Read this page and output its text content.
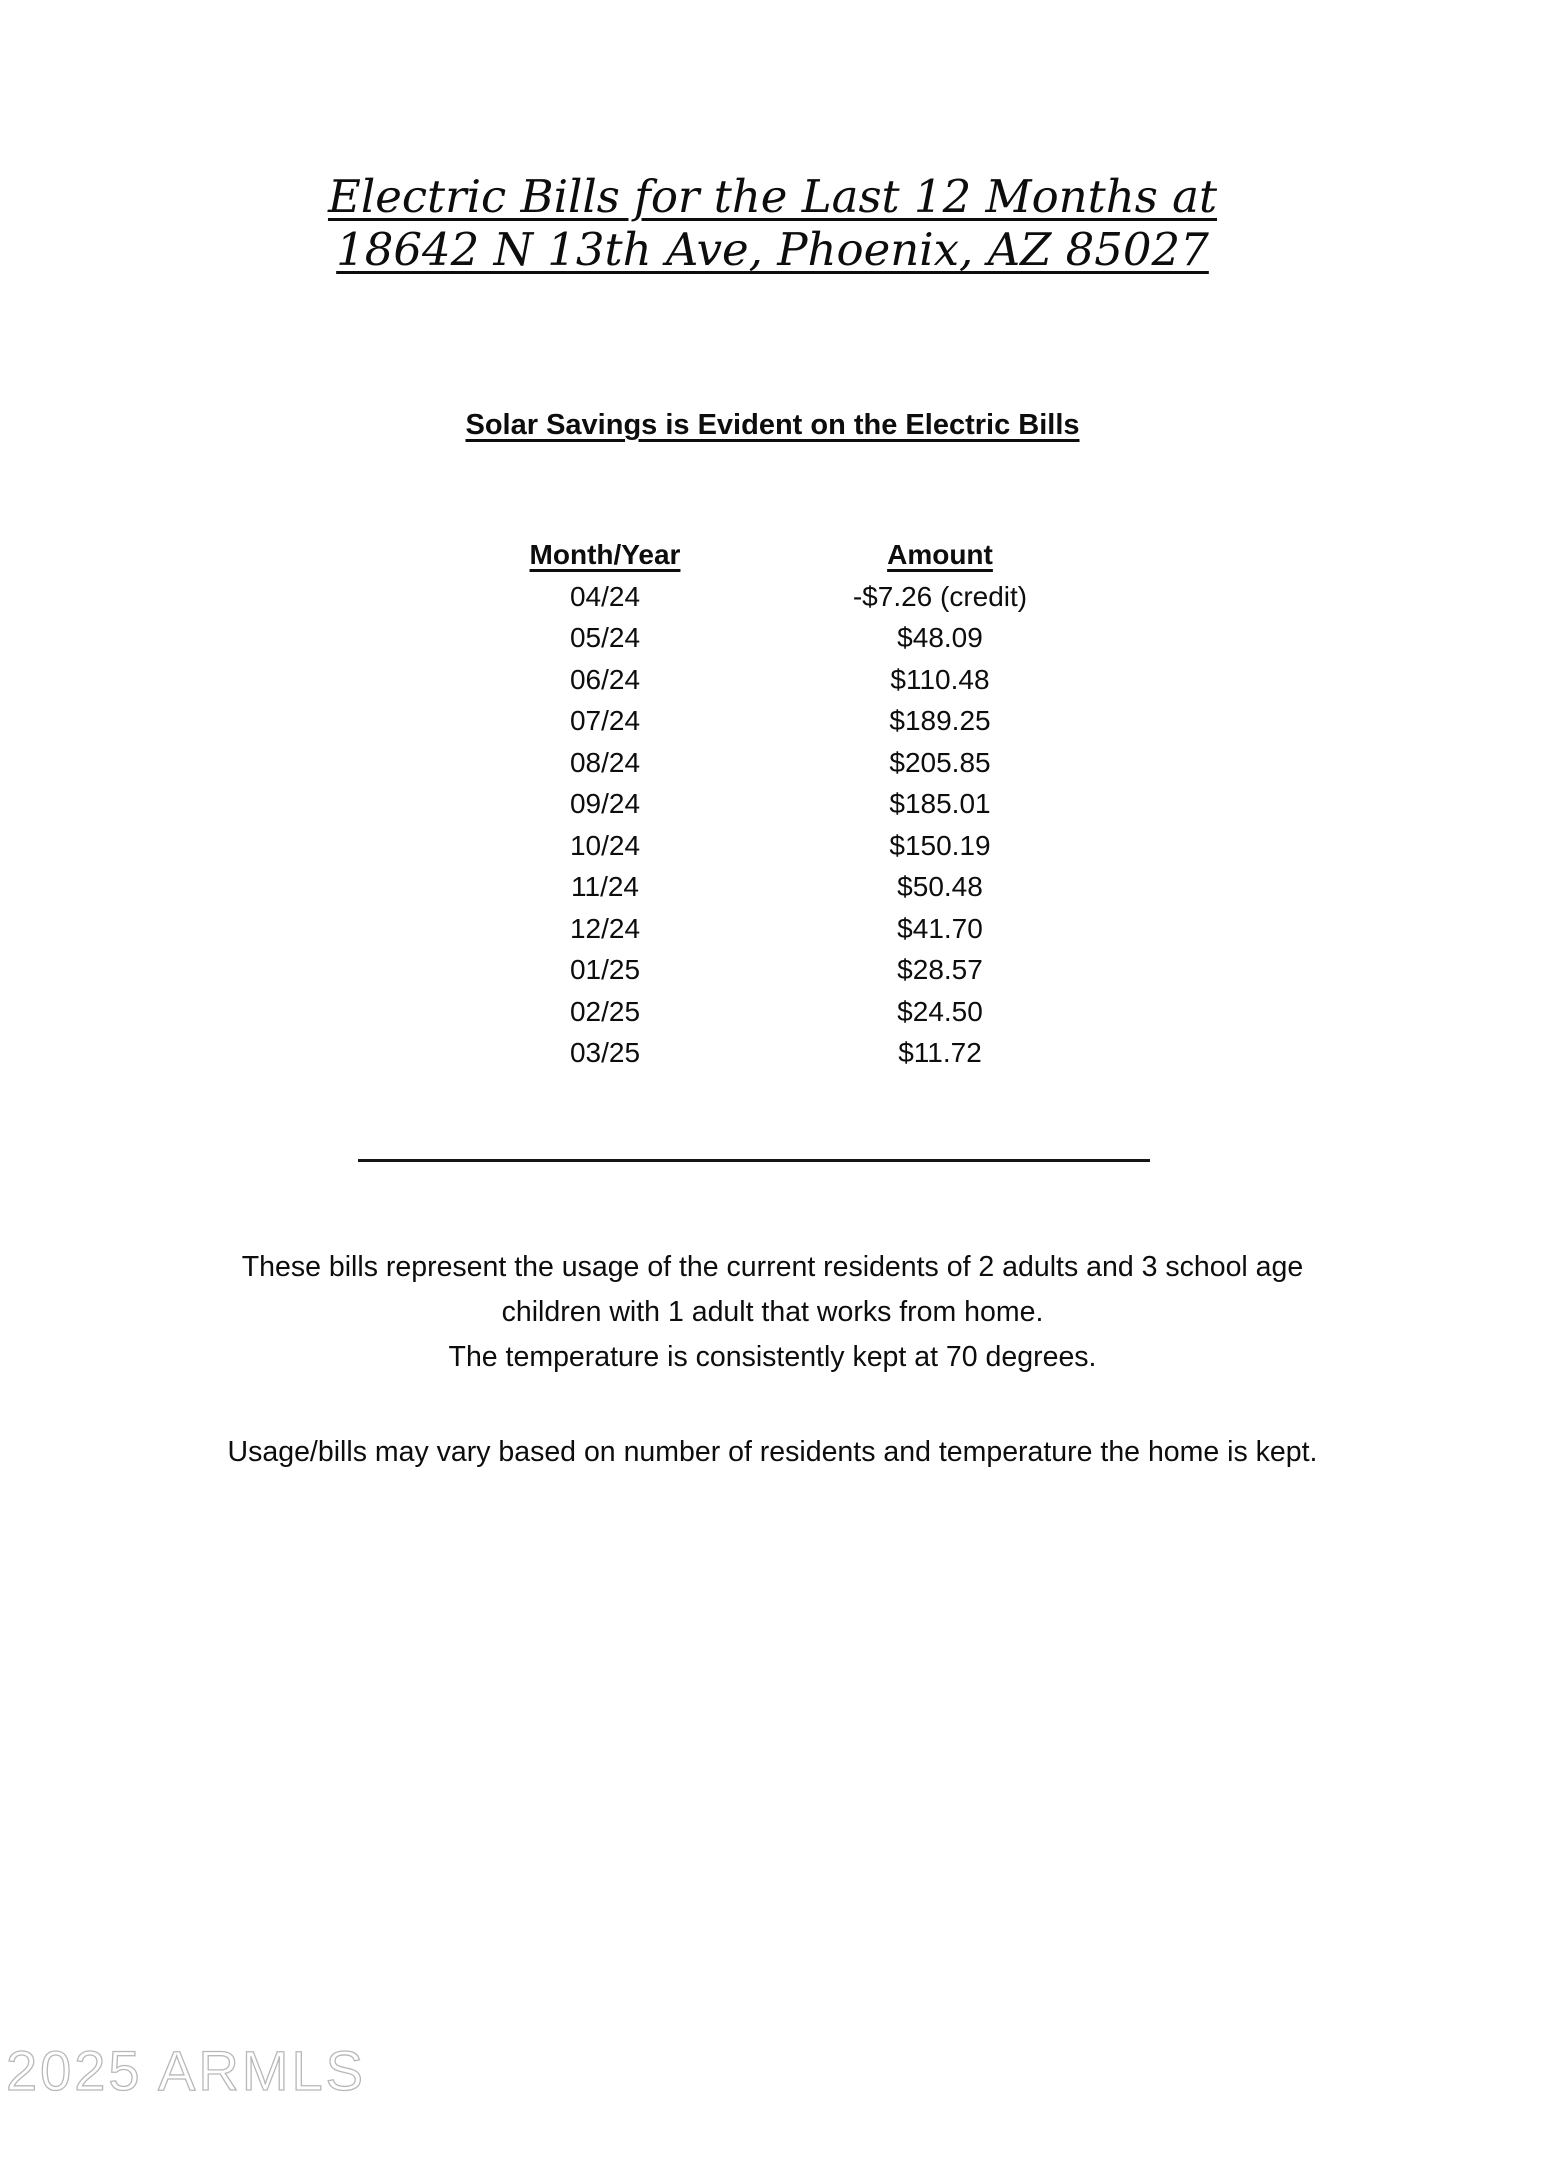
Electric Bills for the Last 12 Months at
18642 N 13th Ave, Phoenix, AZ 85027
Solar Savings is Evident on the Electric Bills
Month/Year	Amount
04/24	-$7.26 (credit)
05/24	$48.09
06/24	$110.48
07/24	$189.25
08/24	$205.85
09/24	$185.01
10/24	$150.19
11/24	$50.48
12/24	$41.70
01/25	$28.57
02/25	$24.50
03/25	$11.72
These bills represent the usage of the current residents of 2 adults and 3 school age
children with 1 adult that works from home.
The temperature is consistently kept at 70 degrees.
Usage/bills may vary based on number of residents and temperature the home is kept.
2025 ARMLS
